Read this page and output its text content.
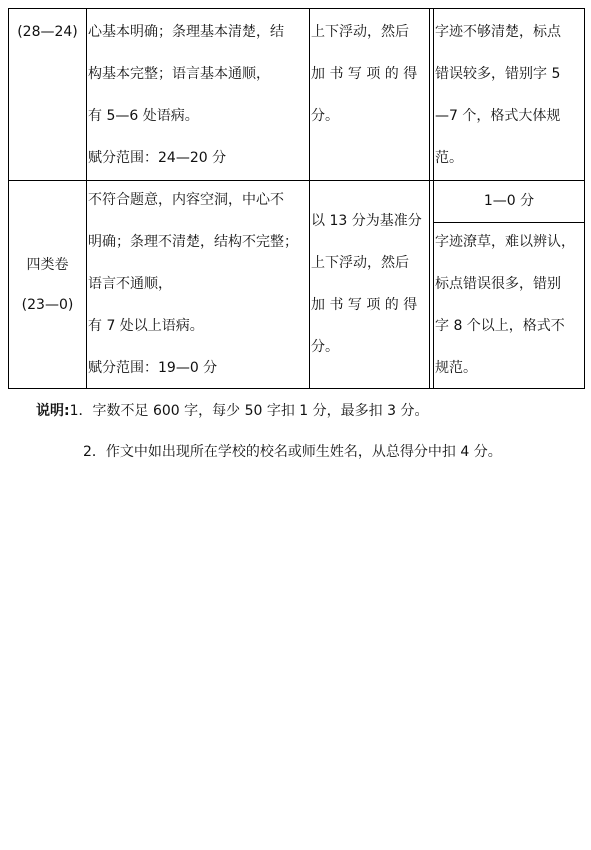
(28—24) 心基本明确；条理基本清楚，结
构基本完整；语言基本通顺，
有 5—6 处语病。
赋分范围：24—20 分
上下浮动，然后
加 书 写 项 的 得
分。
字迹不够清楚，标点
错误较多，错别字 5
—7 个，格式大体规
范。
四类卷
(23—0)
不符合题意，内容空洞，中心不
明确；条理不清楚，结构不完整；
语言不通顺，
有 7 处以上语病。
赋分范围：19—0 分
以 13 分为基准分
上下浮动，然后
加 书 写 项 的 得
分。
1—0 分
字迹潦草，难以辨认，
标点错误很多，错别
字 8 个以上，格式不
规范。
说明:1．字数不足 600 字，每少 50 字扣 1 分，最多扣 3 分。
2．作文中如出现所在学校的校名或师生姓名，从总得分中扣 4 分。
